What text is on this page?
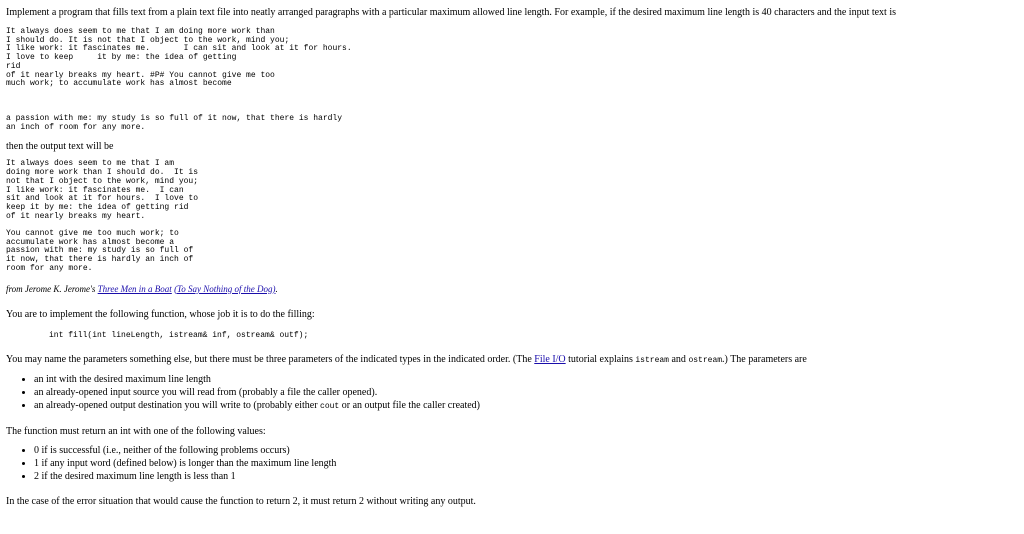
Implement a program that fills text from a plain text file into neatly arranged paragraphs with a particular maximum allowed line length. For example, if the desired maximum line length is 40 characters and the input text is

It always does seem to me that I am doing more work than
I should do. It is not that I object to the work, mind you;
I like work: it fascinates me.       I can sit and look at it for hours.
I love to keep     it by me: the idea of getting
rid
of it nearly breaks my heart. #P# You cannot give me too
much work; to accumulate work has almost become

a passion with me: my study is so full of it now, that there is hardly
an inch of room for any more.

then the output text will be

It always does seem to me that I am
doing more work than I should do.  It is
not that I object to the work, mind you;
I like work: it fascinates me.  I can
sit and look at it for hours.  I love to
keep it by me: the idea of getting rid
of it nearly breaks my heart.

You cannot give me too much work; to
accumulate work has almost become a
passion with me: my study is so full of
it now, that there is hardly an inch of
room for any more.

from Jerome K. Jerome's Three Men in a Boat (To Say Nothing of the Dog).

You are to implement the following function, whose job it is to do the filling:

int fill(int lineLength, istream& inf, ostream& outf);

You may name the parameters something else, but there must be three parameters of the indicated types in the indicated order. (The File I/O tutorial explains istream and ostream.) The parameters are

• an int with the desired maximum line length
• an already-opened input source you will read from (probably a file the caller opened).
• an already-opened output destination you will write to (probably either cout or an output file the caller created)

The function must return an int with one of the following values:

• 0 if is successful (i.e., neither of the following problems occurs)
• 1 if any input word (defined below) is longer than the maximum line length
• 2 if the desired maximum line length is less than 1

In the case of the error situation that would cause the function to return 2, it must return 2 without writing any output.
